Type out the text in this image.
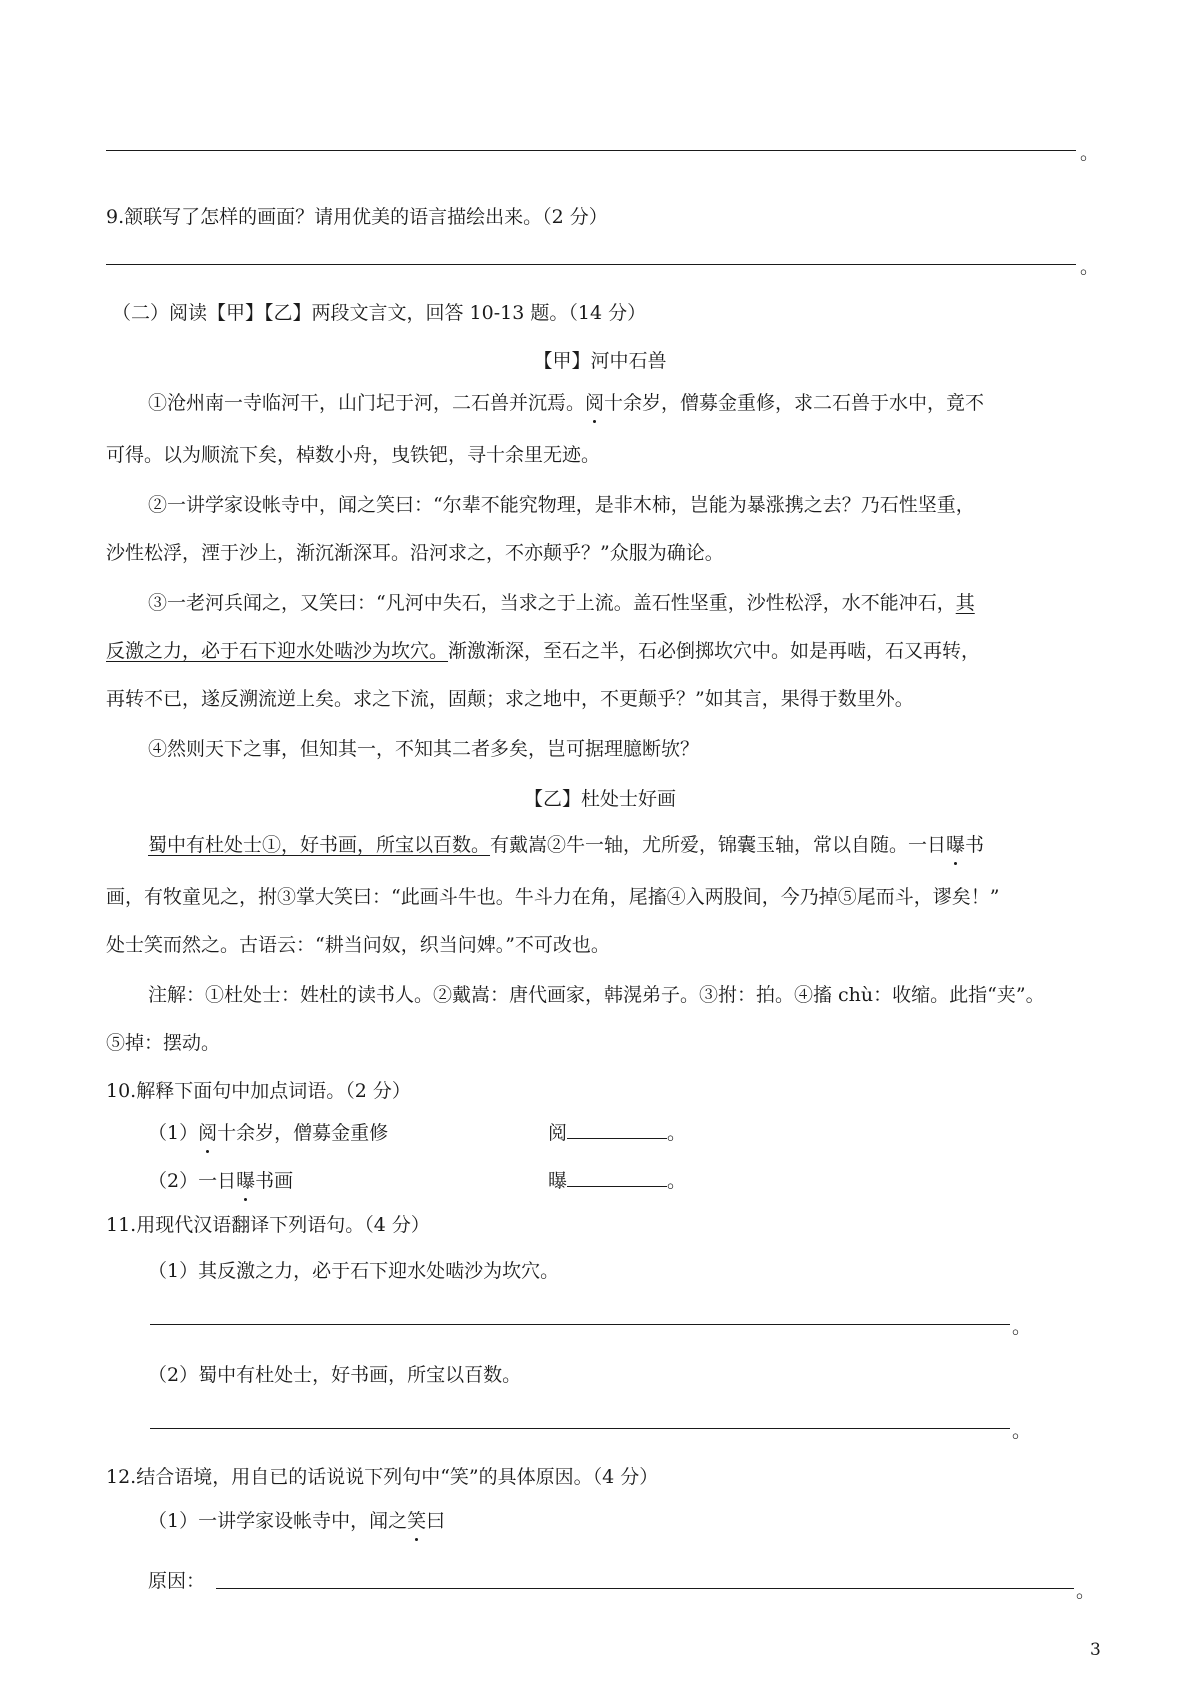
。
9.颔联写了怎样的画面？请用优美的语言描绘出来。（2 分）
。
（二）阅读【甲】【乙】两段文言文，回答 10-13 题。（14 分）
【甲】河中石兽
①沧州南一寺临河干，山门圮于河，二石兽并沉焉。阅十余岁，僧募金重修，求二石兽于水中，竟不
可得。以为顺流下矣，棹数小舟，曳铁钯，寻十余里无迹。
②一讲学家设帐寺中，闻之笑曰：“尔辈不能究物理，是非木柿，岂能为暴涨携之去？乃石性坚重，
沙性松浮，湮于沙上，渐沉渐深耳。沿河求之，不亦颠乎？”众服为确论。
③一老河兵闻之，又笑曰：“凡河中失石，当求之于上流。盖石性坚重，沙性松浮，水不能冲石，其
反激之力，必于石下迎水处啮沙为坎穴。渐激渐深，至石之半，石必倒掷坎穴中。如是再啮，石又再转，
再转不已，遂反溯流逆上矣。求之下流，固颠；求之地中，不更颠乎？”如其言，果得于数里外。
④然则天下之事，但知其一，不知其二者多矣，岂可据理臆断欤？
【乙】杜处士好画
蜀中有杜处士①，好书画，所宝以百数。有戴嵩②牛一轴，尤所爱，锦囊玉轴，常以自随。一日曝书
画，有牧童见之，拊③掌大笑曰：“此画斗牛也。牛斗力在角，尾搐④入两股间，今乃掉⑤尾而斗，谬矣！”
处士笑而然之。古语云：“耕当问奴，织当问婢。”不可改也。
注解：①杜处士：姓杜的读书人。②戴嵩：唐代画家，韩滉弟子。③拊：拍。④搐 chù：收缩。此指“夹”。
⑤掉：摆动。
10.解释下面句中加点词语。（2 分）
（1）阅十余岁，僧募金重修	阅	。
（2）一日曝书画	曝	。
11.用现代汉语翻译下列语句。（4 分）
（1）其反激之力，必于石下迎水处啮沙为坎穴。
。
（2）蜀中有杜处士，好书画，所宝以百数。
。
12.结合语境，用自已的话说说下列句中“笑”的具体原因。（4 分）
（1）一讲学家设帐寺中，闻之笑曰
原因：	。
3
